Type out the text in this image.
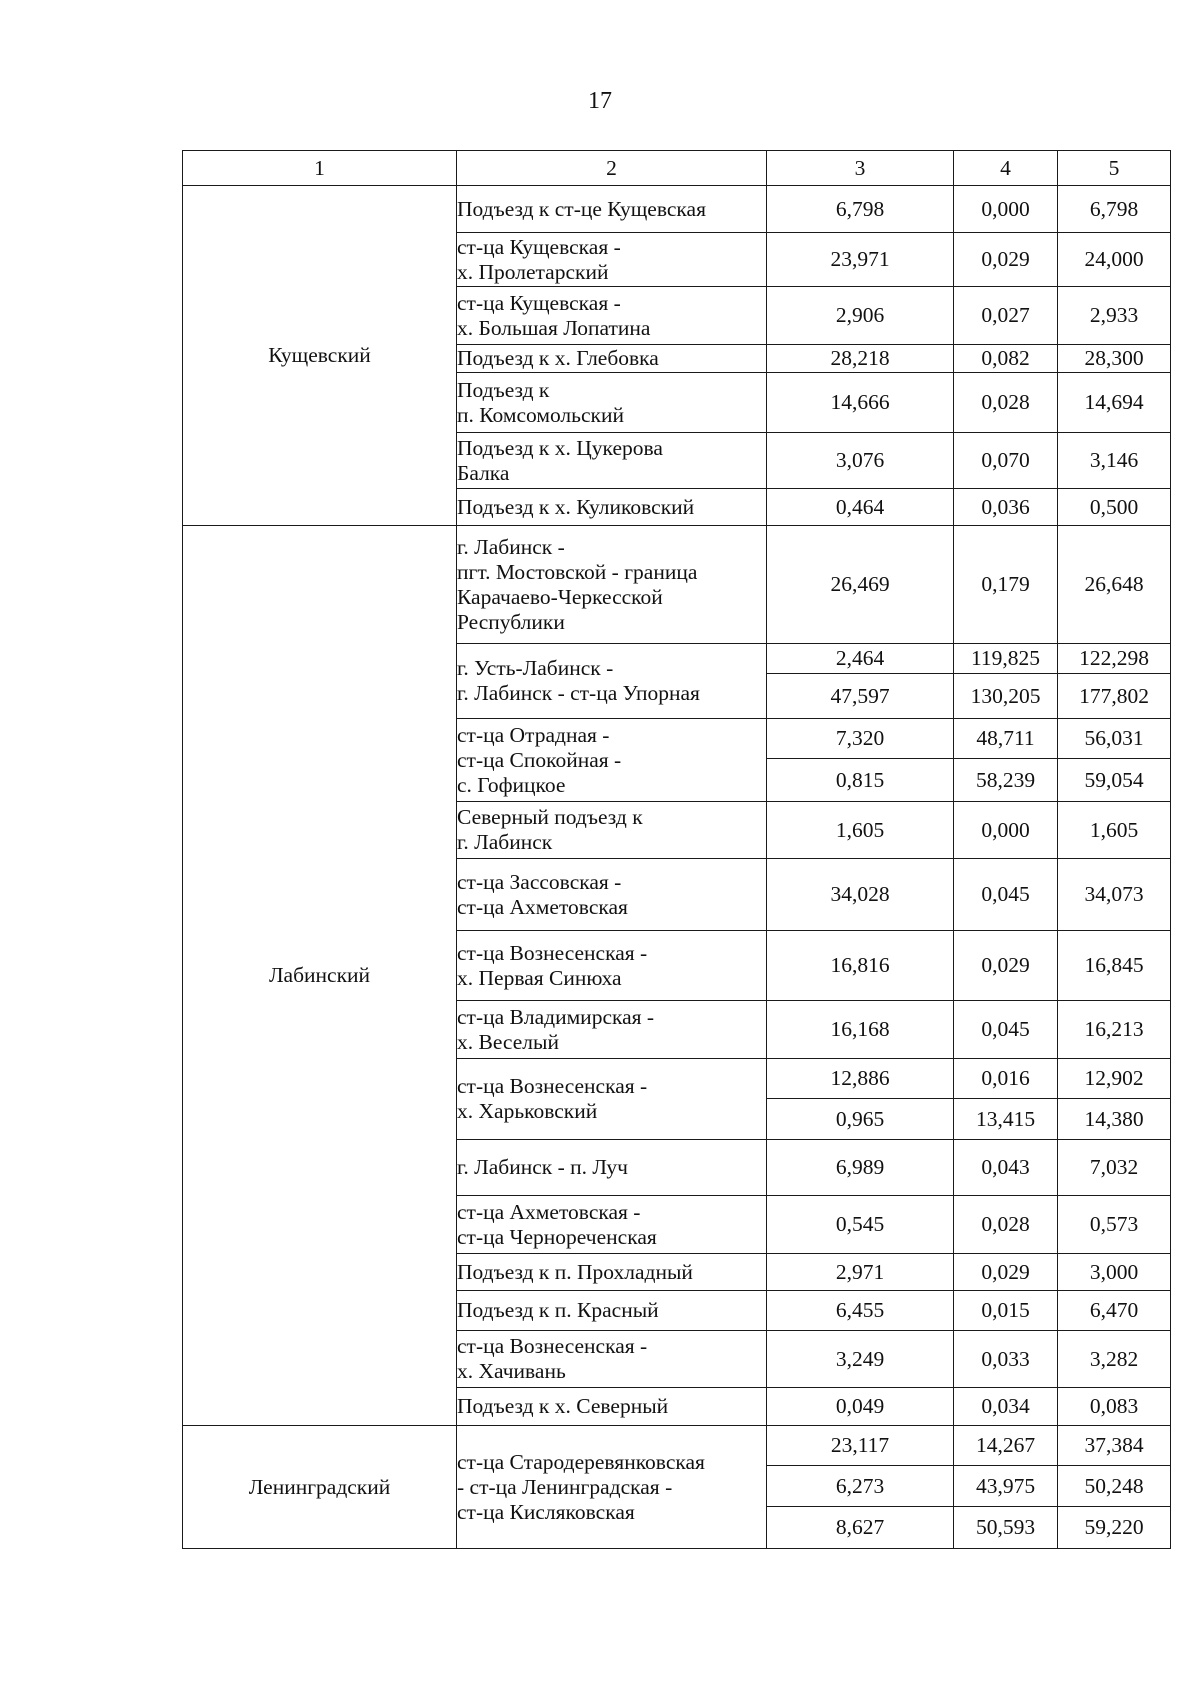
17
1	2	3	4	5
Кущевский	Подъезд к ст-це Кущевская	6,798	0,000	6,798
	ст-ца Кущевская -
х. Пролетарский	23,971	0,029	24,000
	ст-ца Кущевская -
х. Большая Лопатина	2,906	0,027	2,933
	Подъезд к х. Глебовка	28,218	0,082	28,300
	Подъезд к
п. Комсомольский	14,666	0,028	14,694
	Подъезд к х. Цукерова
Балка	3,076	0,070	3,146
	Подъезд к х. Куликовский	0,464	0,036	0,500
Лабинский	г. Лабинск -
пгт. Мостовской - граница
Карачаево-Черкесской
Республики	26,469	0,179	26,648
	г. Усть-Лабинск -
г. Лабинск - ст-ца Упорная	2,464	119,825	122,298
		47,597	130,205	177,802
	ст-ца Отрадная -
ст-ца Спокойная -
с. Гофицкое	7,320	48,711	56,031
		0,815	58,239	59,054
	Северный подъезд к
г. Лабинск	1,605	0,000	1,605
	ст-ца Зассовская -
ст-ца Ахметовская	34,028	0,045	34,073
	ст-ца Вознесенская -
х. Первая Синюха	16,816	0,029	16,845
	ст-ца Владимирская -
х. Веселый	16,168	0,045	16,213
	ст-ца Вознесенская -
х. Харьковский	12,886	0,016	12,902
		0,965	13,415	14,380
	г. Лабинск - п. Луч	6,989	0,043	7,032
	ст-ца Ахметовская -
ст-ца Черноречeнская	0,545	0,028	0,573
	Подъезд к п. Прохладный	2,971	0,029	3,000
	Подъезд к п. Красный	6,455	0,015	6,470
	ст-ца Вознесенская -
х. Хачивань	3,249	0,033	3,282
	Подъезд к х. Северный	0,049	0,034	0,083
Ленинградский	ст-ца Стародеревянковская
- ст-ца Ленинградская -
ст-ца Кисляковская	23,117	14,267	37,384
		6,273	43,975	50,248
		8,627	50,593	59,220
